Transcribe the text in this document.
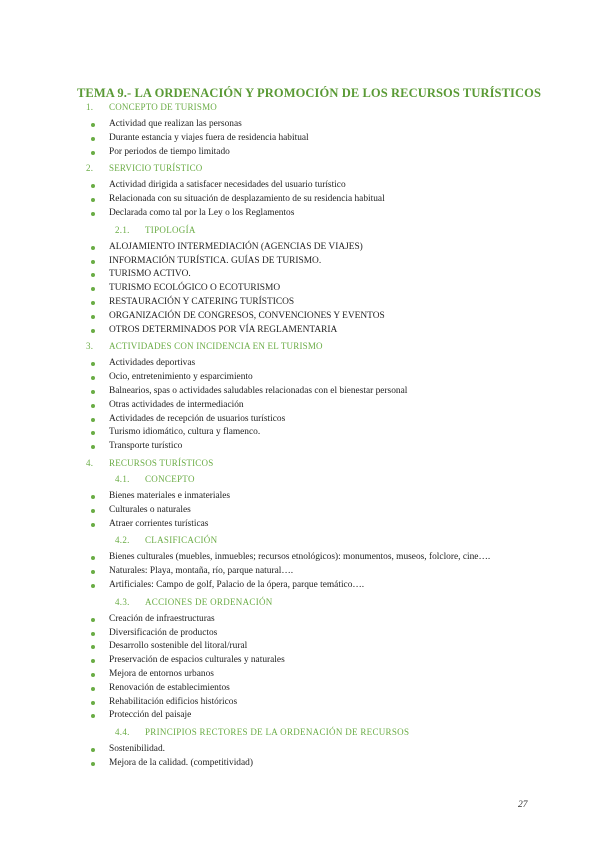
TEMA 9.- LA ORDENACIÓN Y PROMOCIÓN DE LOS RECURSOS TURÍSTICOS
1.	CONCEPTO DE TURISMO
Actividad que realizan las personas
Durante estancia y viajes fuera de residencia habitual
Por periodos de tiempo limitado
2.	SERVICIO TURÍSTICO
Actividad dirigida a satisfacer necesidades del usuario turístico
Relacionada con su situación de desplazamiento de su residencia habitual
Declarada como tal por la Ley o los Reglamentos
2.1.	TIPOLOGÍA
ALOJAMIENTO INTERMEDIACIÓN (AGENCIAS DE VIAJES)
INFORMACIÓN TURÍSTICA. GUÍAS DE TURISMO.
TURISMO ACTIVO.
TURISMO ECOLÓGICO O ECOTURISMO
RESTAURACIÓN Y CATERING TURÍSTICOS
ORGANIZACIÓN DE CONGRESOS, CONVENCIONES Y EVENTOS
OTROS DETERMINADOS POR VÍA REGLAMENTARIA
3.	ACTIVIDADES CON INCIDENCIA EN EL TURISMO
Actividades deportivas
Ocio, entretenimiento y esparcimiento
Balnearios, spas o actividades saludables relacionadas con el bienestar personal
Otras actividades de intermediación
Actividades de recepción de usuarios turísticos
Turismo idiomático, cultura y flamenco.
Transporte turístico
4.	RECURSOS TURÍSTICOS
4.1.	CONCEPTO
Bienes materiales e inmateriales
Culturales o naturales
Atraer corrientes turísticas
4.2.	CLASIFICACIÓN
Bienes culturales (muebles, inmuebles; recursos etnológicos): monumentos, museos, folclore, cine….
Naturales: Playa, montaña, río, parque natural….
Artificiales: Campo de golf, Palacio de la ópera, parque temático….
4.3.	ACCIONES DE ORDENACIÓN
Creación de infraestructuras
Diversificación de productos
Desarrollo sostenible del litoral/rural
Preservación de espacios culturales y naturales
Mejora de entornos urbanos
Renovación de establecimientos
Rehabilitación edificios históricos
Protección del paisaje
4.4.	PRINCIPIOS RECTORES DE LA ORDENACIÓN DE RECURSOS
Sostenibilidad.
Mejora de la calidad. (competitividad)
27
